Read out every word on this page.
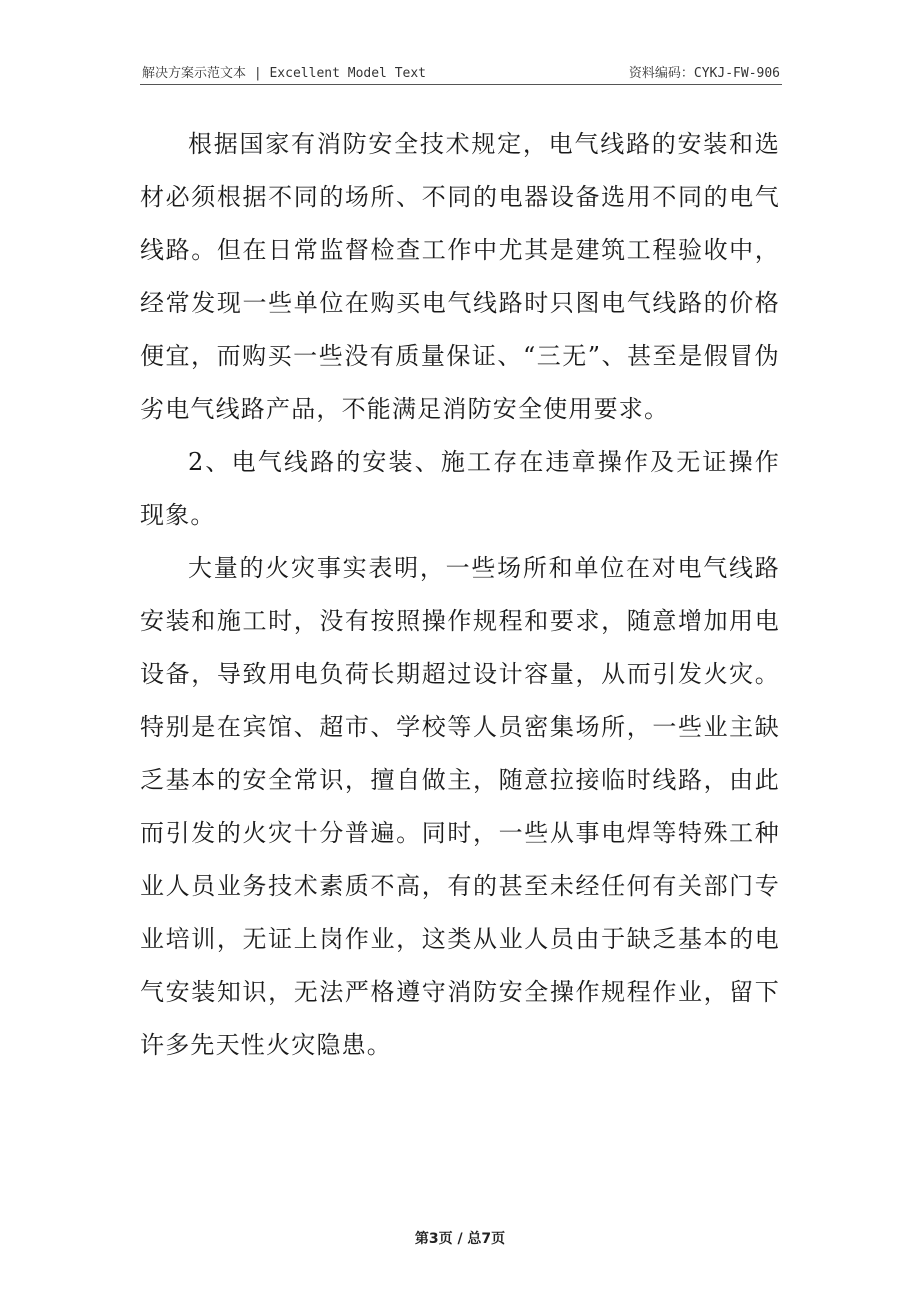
解决方案示范文本 | Excellent Model Text	资料编码：CYKJ-FW-906

根据国家有消防安全技术规定，电气线路的安装和选材必须根据不同的场所、不同的电器设备选用不同的电气线路。但在日常监督检查工作中尤其是建筑工程验收中，经常发现一些单位在购买电气线路时只图电气线路的价格便宜，而购买一些没有质量保证、“三无”、甚至是假冒伪劣电气线路产品，不能满足消防安全使用要求。

2、电气线路的安装、施工存在违章操作及无证操作现象。

大量的火灾事实表明，一些场所和单位在对电气线路安装和施工时，没有按照操作规程和要求，随意增加用电设备，导致用电负荷长期超过设计容量，从而引发火灾。特别是在宾馆、超市、学校等人员密集场所，一些业主缺乏基本的安全常识，擅自做主，随意拉接临时线路，由此而引发的火灾十分普遍。同时，一些从事电焊等特殊工种业人员业务技术素质不高，有的甚至未经任何有关部门专业培训，无证上岗作业，这类从业人员由于缺乏基本的电气安装知识，无法严格遵守消防安全操作规程作业，留下许多先天性火灾隐患。

第3页 / 总7页
